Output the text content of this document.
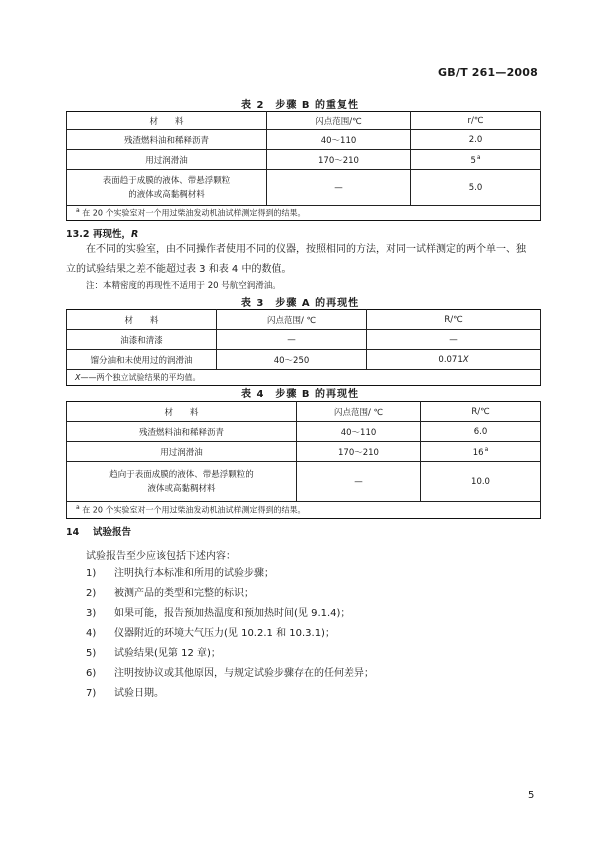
GB/T 261—2008
表 2　步骤 B 的重复性
材　　料	闪点范围/℃	r/℃
残渣燃料油和稀释沥青	40～110	2.0
用过润滑油	170～210	5$^a$

表面趋于成膜的液体、带悬浮颗粒
的液体或高黏稠材料	—	5.0
$^a$ 在 20 个实验室对一个用过柴油发动机油试样测定得到的结果。		
13.2 再现性，R
在不同的实验室，由不同操作者使用不同的仪器，按照相同的方法，对同一试样测定的两个单一、独
立的试验结果之差不能超过表 3 和表 4 中的数值。
注：本精密度的再现性不适用于 20 号航空润滑油。
表 3　步骤 A 的再现性
材　　料	闪点范围/ ℃	R/℃
油漆和清漆	—	—
馏分油和未使用过的润滑油	40～250	0.071X
X——两个独立试验结果的平均值。		
表 4　步骤 B 的再现性
材　　料	闪点范围/ ℃	R/℃
残渣燃料油和稀释沥青	40～110	6.0
用过润滑油	170～210	16$^a$

趋向于表面成膜的液体、带悬浮颗粒的
液体或高黏稠材料	—	10.0
$^a$ 在 20 个实验室对一个用过柴油发动机油试样测定得到的结果。		
14 试验报告
试验报告至少应该包括下述内容：
1) 注明执行本标准和所用的试验步骤；
2) 被测产品的类型和完整的标识；
3) 如果可能，报告预加热温度和预加热时间(见 9.1.4)；
4) 仪器附近的环境大气压力(见 10.2.1 和 10.3.1)；
5) 试验结果(见第 12 章)；
6) 注明按协议或其他原因，与规定试验步骤存在的任何差异；
7) 试验日期。
5
